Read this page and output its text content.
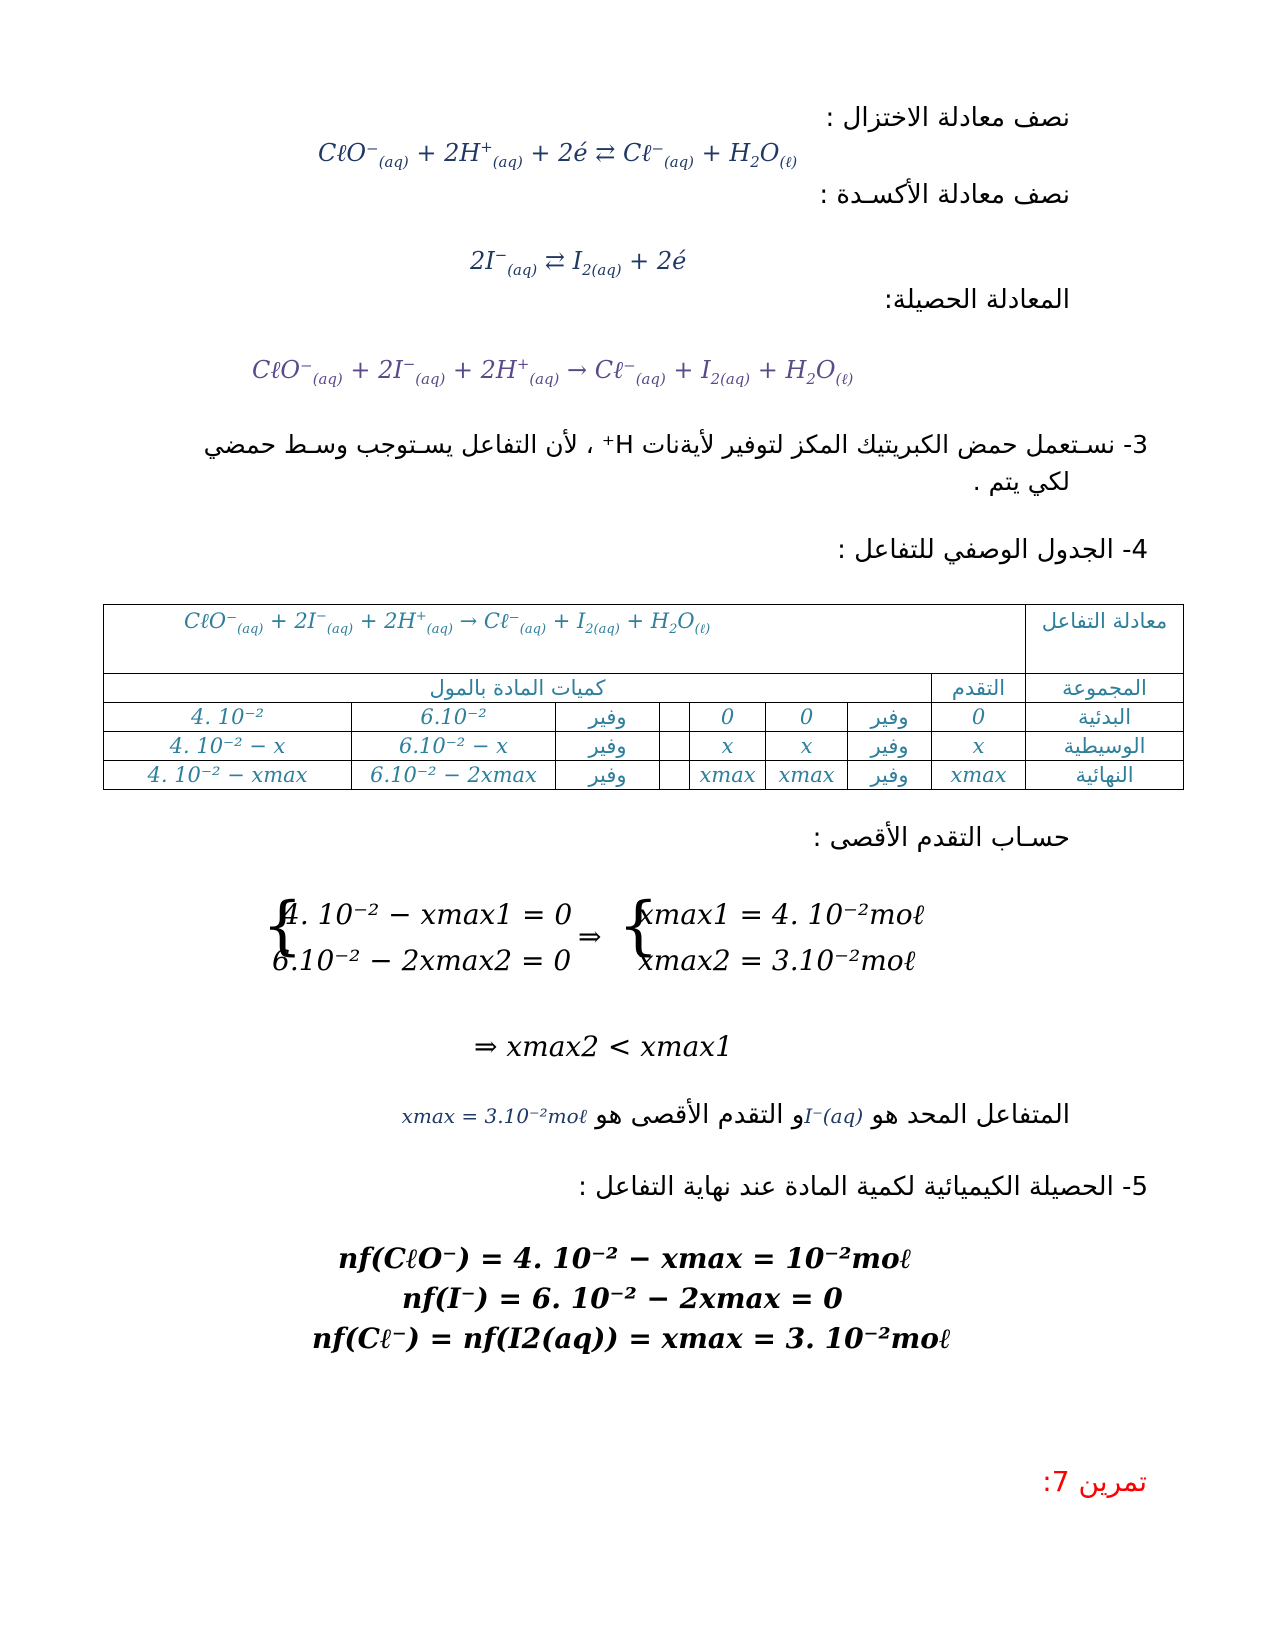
نصف معادلة الاختزال :
$C\ell O^-_{(aq)} + 2H^+_{(aq)}$ + 2é ⇄ $C\ell^-_{(aq)} + H_2O_{(\ell)}$
نصف معادلة الأكسـدة :
$2I^-_{(aq)}$ ⇄ $I_{2(aq)}$ + 2é
المعادلة الحصيلة:
$C\ell O^-_{(aq)} + 2I^-_{(aq)} + 2H^+_{(aq)}$ → $C\ell^-_{(aq)} + I_{2(aq)} + H_2O_{(\ell)}$
3- نسـتعمل حمض الكبريتيك المكز لتوفير لأيةنات H⁺ ، لأن التفاعل يسـتوجب وسـط حمضي
لكي يتم .
4- الجدول الوصفي للتفاعل :
$C\ell O^-_{(aq)} + 2I^-_{(aq)} + 2H^+_{(aq)}$ → $C\ell^-_{(aq)} + I_{2(aq)} + H_2O_{(\ell)}$								معادلة التفاعل
كميات المادة بالمول							التقدم	المجموعة
4. 10⁻²	6.10⁻²	وفير		0	0	وفير	0	البدئية
4. 10⁻² − x	6.10⁻² − x	وفير		x	x	وفير	x	الوسيطية
4. 10⁻² − xmax	6.10⁻² − 2xmax	وفير		xmax	xmax	وفير	xmax	النهائية
حسـاب التقدم الأقصى :
{
4. 10⁻² − xmax1 = 0
6.10⁻² − 2xmax2 = 0
⇒ {
xmax1 = 4. 10⁻²moℓ
xmax2 = 3.10⁻²moℓ
⇒ xmax2 < xmax1
المتفاعل المحد هو I⁻(aq)و التقدم الأقصى هو xmax = 3.10⁻²moℓ
5- الحصيلة الكيميائية لكمية المادة عند نهاية التفاعل :
nf(CℓO⁻) = 4. 10⁻² − xmax = 10⁻²moℓ
nf(I⁻) = 6. 10⁻² − 2xmax = 0
nf(Cℓ⁻) = nf(I2(aq)) = xmax = 3. 10⁻²moℓ
تمرين 7:
